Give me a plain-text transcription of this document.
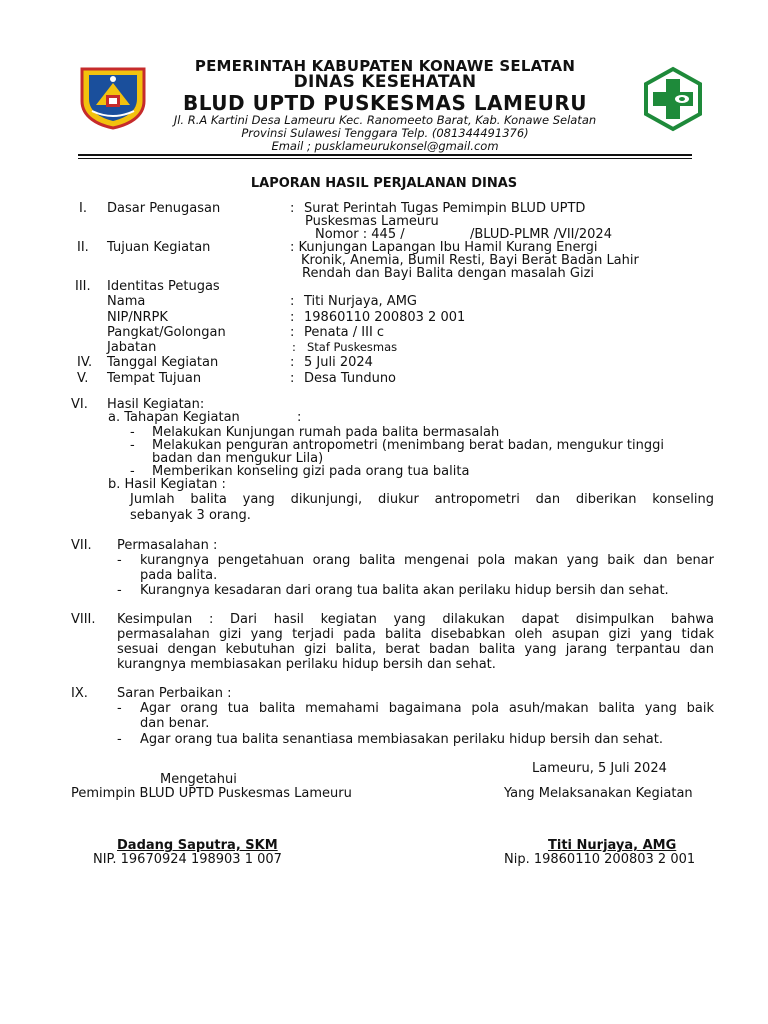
PEMERINTAH KABUPATEN KONAWE SELATAN
DINAS KESEHATAN
BLUD UPTD PUSKESMAS LAMEURU
Jl. R.A Kartini Desa Lameuru Kec. Ranomeeto Barat, Kab. Konawe Selatan
Provinsi Sulawesi Tenggara Telp. (081344491376)
Email ; pusklameurukonsel@gmail.com
LAPORAN HASIL PERJALANAN DINAS
I. Dasar Penugasan	: Surat Perintah Tugas Pemimpin BLUD UPTD
Puskesmas Lameuru
Nomor : 445 /	/BLUD-PLMR /VII/2024
II. Tujuan Kegiatan	: Kunjungan Lapangan Ibu Hamil Kurang Energi
Kronik, Anemia, Bumil Resti, Bayi Berat Badan Lahir
Rendah dan Bayi Balita dengan masalah Gizi
III. Identitas Petugas
Nama	: Titi Nurjaya, AMG
NIP/NRPK	: 19860110 200803 2 001
Pangkat/Golongan	: Penata / III c
Jabatan	: Staf Puskesmas
IV. Tanggal Kegiatan	: 5 Juli 2024
V. Tempat Tujuan	: Desa Tunduno
VI. Hasil Kegiatan:
a. Tahapan Kegiatan	:
- Melakukan Kunjungan rumah pada balita bermasalah
- Melakukan penguran antropometri (menimbang berat badan, mengukur tinggi
badan dan mengukur Lila)
- Memberikan konseling gizi pada orang tua balita
b. Hasil Kegiatan :
Jumlah balita yang dikunjungi, diukur antropometri dan diberikan konseling
sebanyak 3 orang.
VII. Permasalahan :
- kurangnya pengetahuan orang balita mengenai pola makan yang baik dan benar
pada balita.
- Kurangnya kesadaran dari orang tua balita akan perilaku hidup bersih dan sehat.
VIII. Kesimpulan : Dari hasil kegiatan yang dilakukan dapat disimpulkan bahwa
permasalahan gizi yang terjadi pada balita disebabkan oleh asupan gizi yang tidak
sesuai dengan kebutuhan gizi balita, berat badan balita yang jarang terpantau dan
kurangnya membiasakan perilaku hidup bersih dan sehat.
IX. Saran Perbaikan :
- Agar orang tua balita memahami bagaimana pola asuh/makan balita yang baik
dan benar.
- Agar orang tua balita senantiasa membiasakan perilaku hidup bersih dan sehat.
Lameuru, 5 Juli 2024
Mengetahui
Pemimpin BLUD UPTD Puskesmas Lameuru	Yang Melaksanakan Kegiatan
Dadang Saputra, SKM
NIP. 19670924 198903 1 007
Titi Nurjaya, AMG
Nip. 19860110 200803 2 001
